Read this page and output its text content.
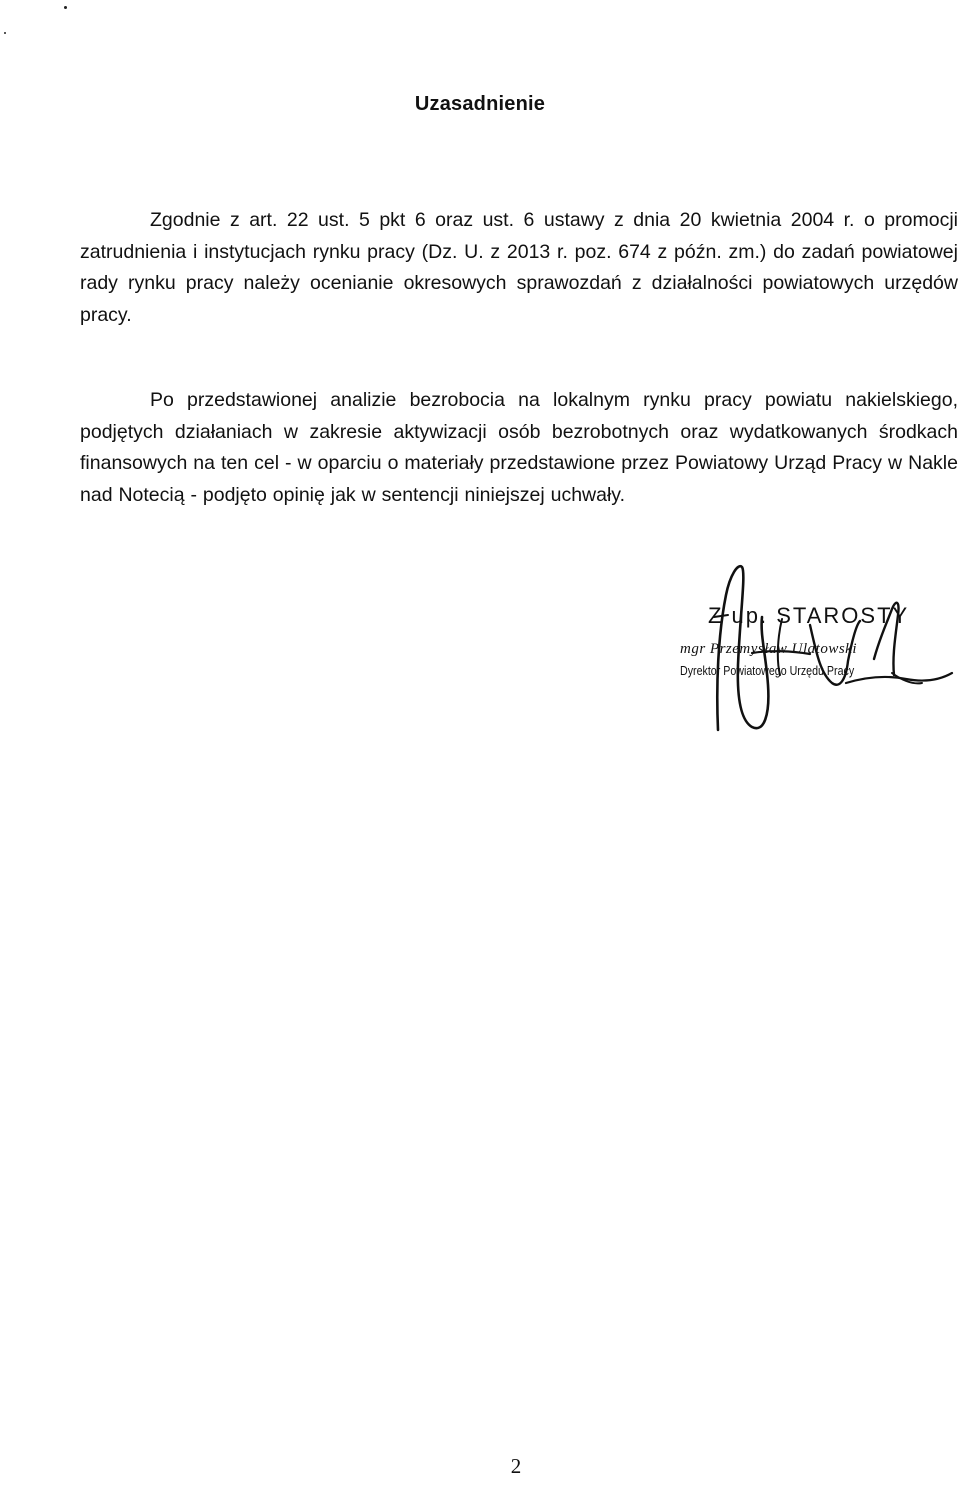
Uzasadnienie
Zgodnie z art. 22 ust. 5 pkt 6 oraz ust. 6 ustawy z dnia 20 kwietnia 2004 r. o promocji zatrudnienia i instytucjach rynku pracy (Dz. U. z 2013 r. poz. 674 z późn. zm.) do zadań powiatowej rady rynku pracy należy ocenianie okresowych sprawozdań z działalności powiatowych urzędów pracy.
Po przedstawionej analizie bezrobocia na lokalnym rynku pracy powiatu nakielskiego, podjętych działaniach w zakresie aktywizacji osób bezrobotnych oraz wydatkowanych środkach finansowych na ten cel - w oparciu o materiały przedstawione przez Powiatowy Urząd Pracy w Nakle nad Notecią - podjęto opinię jak w sentencji niniejszej uchwały.
Z up. STAROSTY
mgr Przemysław Ulatowski
Dyrektor Powiatowego Urzędu Pracy
2
